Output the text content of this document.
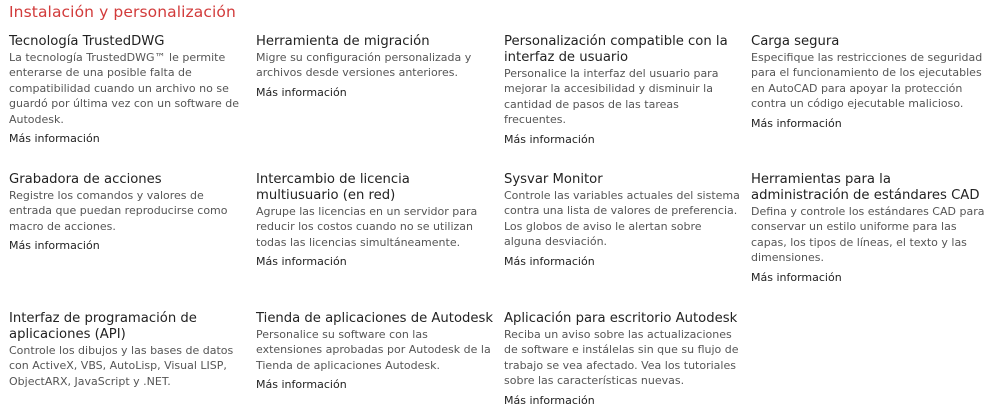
Instalación y personalización
Tecnología TrustedDWG
La tecnología TrustedDWG™ le permite enterarse de una posible falta de compatibilidad cuando un archivo no se guardó por última vez con un software de Autodesk.
Más información
Herramienta de migración
Migre su configuración personalizada y archivos desde versiones anteriores.
Más información
Personalización compatible con la interfaz de usuario
Personalice la interfaz del usuario para mejorar la accesibilidad y disminuir la cantidad de pasos de las tareas frecuentes.
Más información
Carga segura
Especifique las restricciones de seguridad para el funcionamiento de los ejecutables en AutoCAD para apoyar la protección contra un código ejecutable malicioso.
Más información
Grabadora de acciones
Registre los comandos y valores de entrada que puedan reproducirse como macro de acciones.
Más información
Intercambio de licencia multiusuario (en red)
Agrupe las licencias en un servidor para reducir los costos cuando no se utilizan todas las licencias simultáneamente.
Más información
Sysvar Monitor
Controle las variables actuales del sistema contra una lista de valores de preferencia. Los globos de aviso le alertan sobre alguna desviación.
Más información
Herramientas para la administración de estándares CAD
Defina y controle los estándares CAD para conservar un estilo uniforme para las capas, los tipos de líneas, el texto y las dimensiones.
Más información
Interfaz de programación de aplicaciones (API)
Controle los dibujos y las bases de datos con ActiveX, VBS, AutoLisp, Visual LISP, ObjectARX, JavaScript y .NET.
Tienda de aplicaciones de Autodesk
Personalice su software con las extensiones aprobadas por Autodesk de la Tienda de aplicaciones Autodesk.
Más información
Aplicación para escritorio Autodesk
Reciba un aviso sobre las actualizaciones de software e instálelas sin que su flujo de trabajo se vea afectado. Vea los tutoriales sobre las características nuevas.
Más información
